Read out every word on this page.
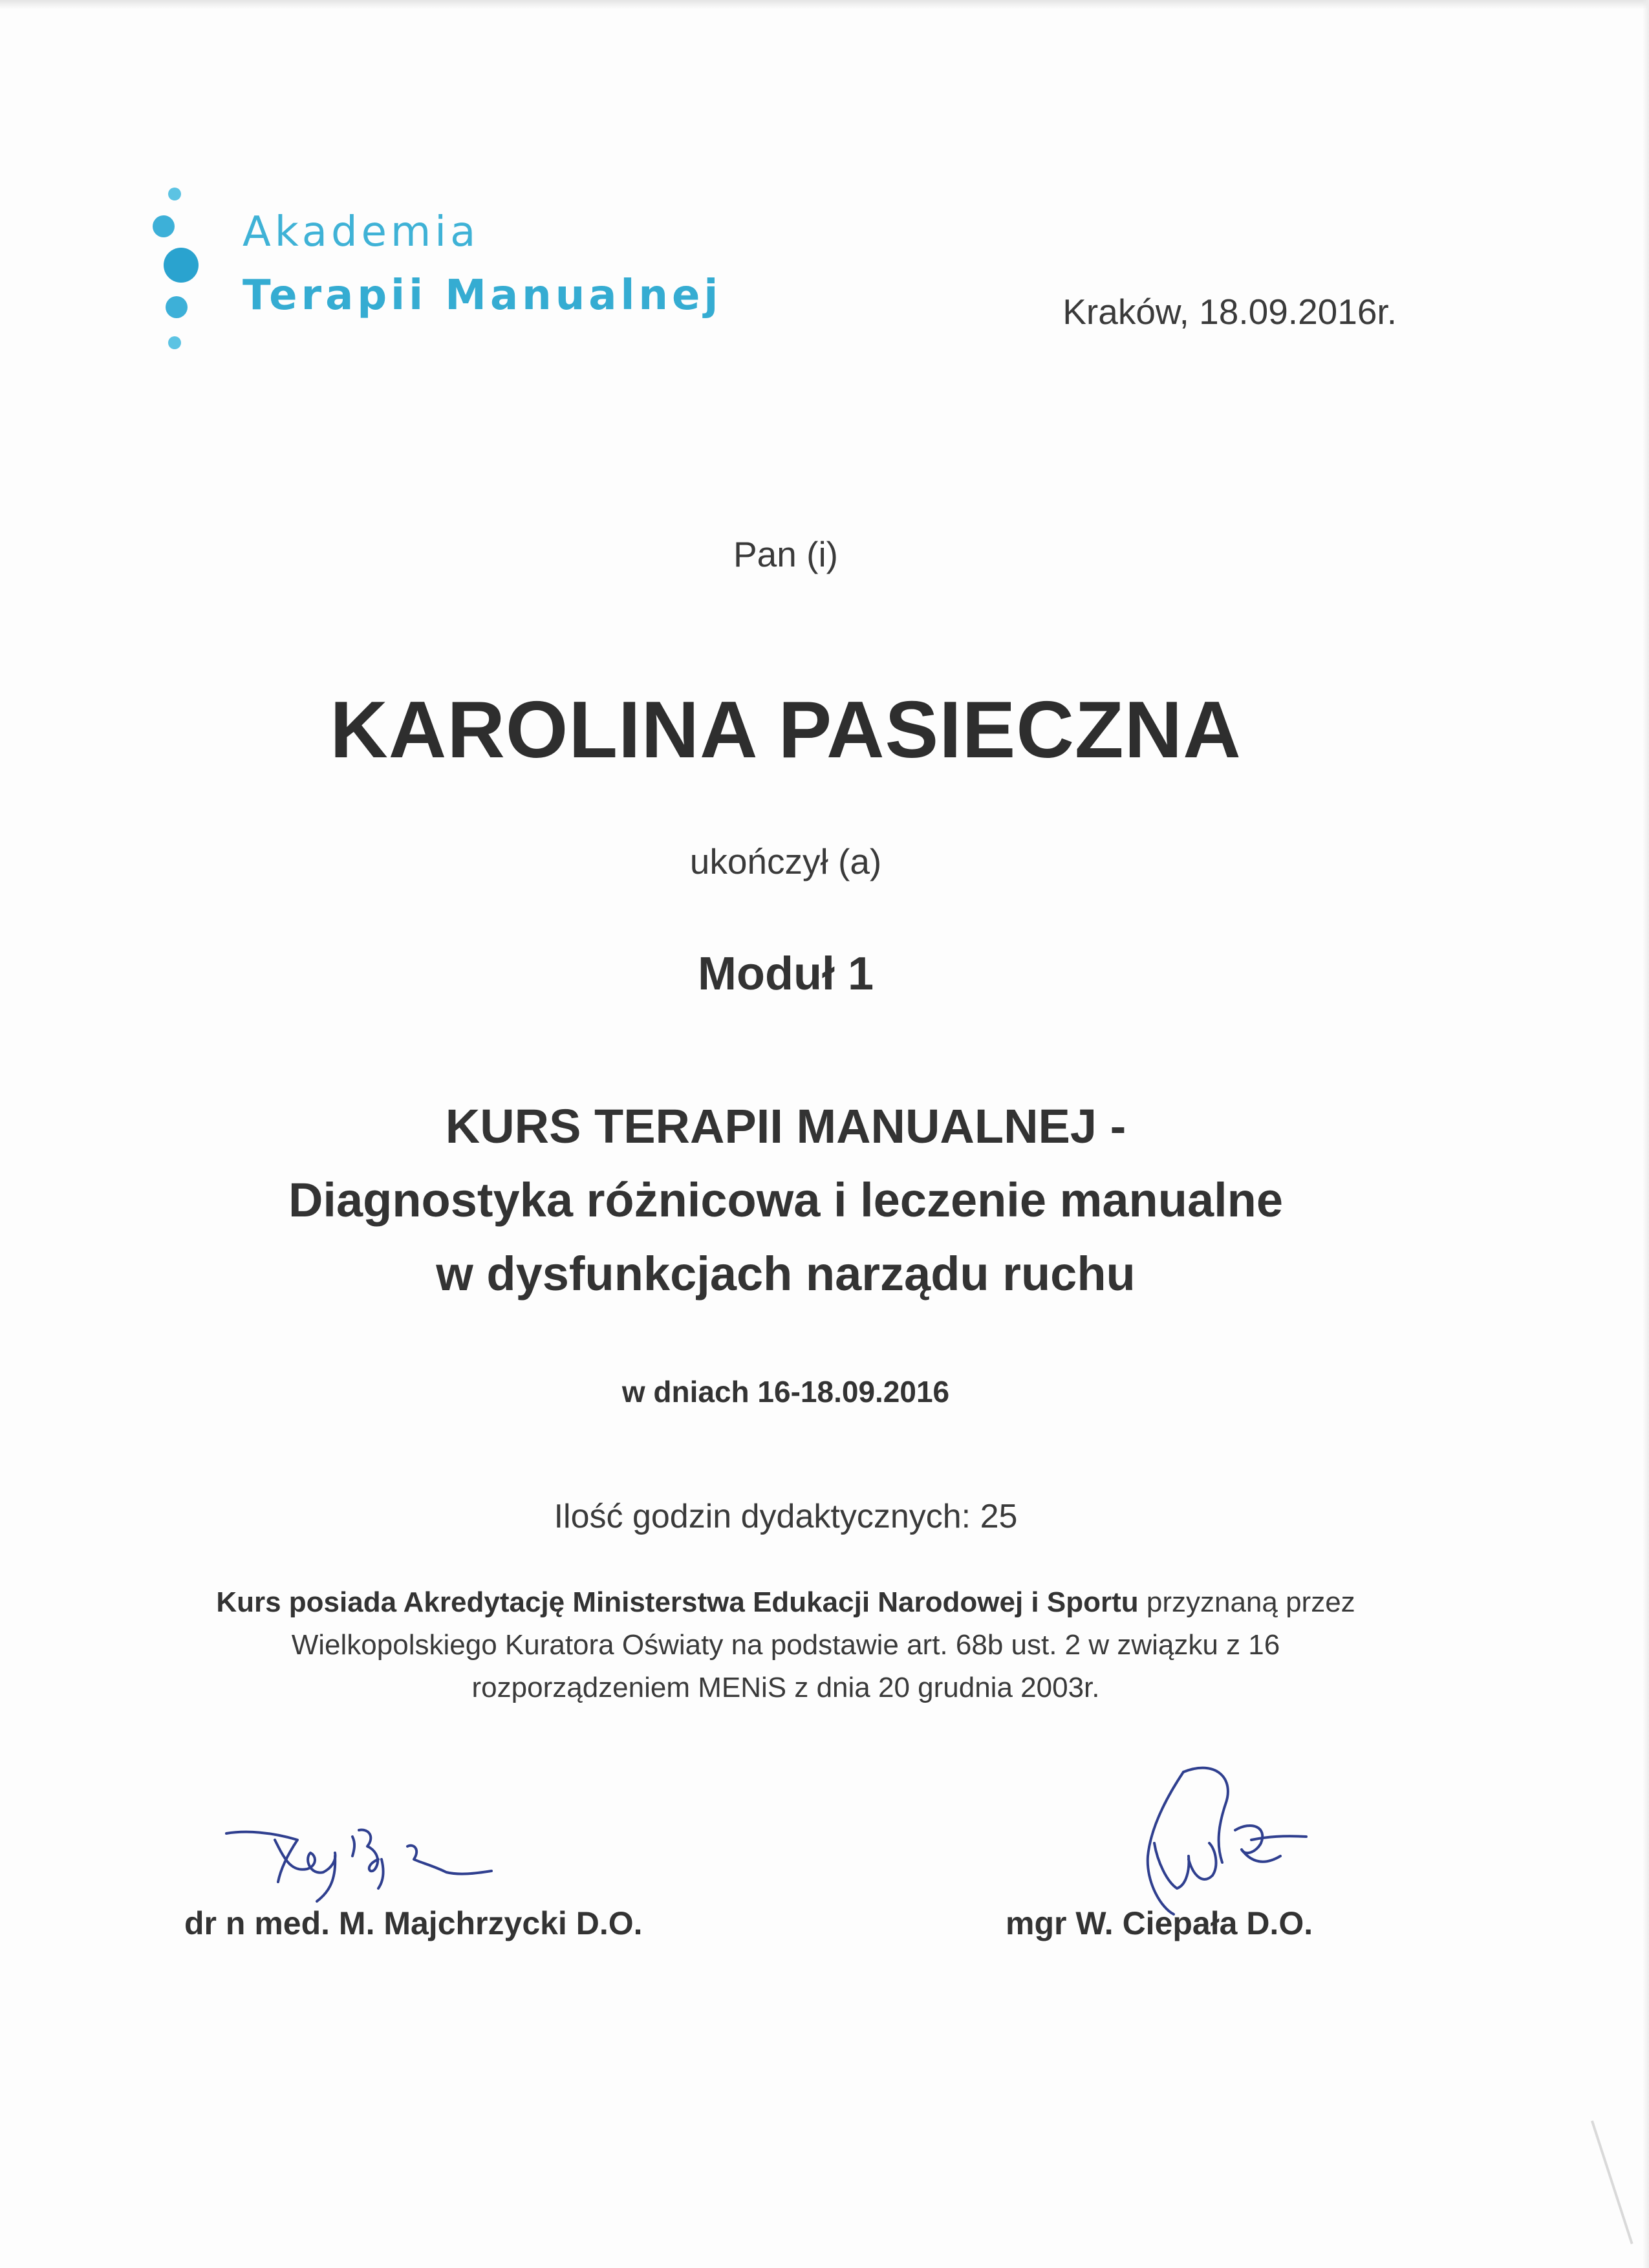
Akademia
Terapii Manualnej	Kraków, 18.09.2016r.
Pan (i)
KAROLINA PASIECZNA
ukończył (a)
Moduł 1
KURS TERAPII MANUALNEJ -
Diagnostyka różnicowa i leczenie manualne
w dysfunkcjach narządu ruchu
w dniach 16-18.09.2016
Ilość godzin dydaktycznych: 25
Kurs posiada Akredytację Ministerstwa Edukacji Narodowej i Sportu przyznaną przez
Wielkopolskiego Kuratora Oświaty na podstawie art. 68b ust. 2 w związku z 16
rozporządzeniem MENiS z dnia 20 grudnia 2003r.
dr n med. M. Majchrzycki D.O.	mgr W. Ciepała D.O.
